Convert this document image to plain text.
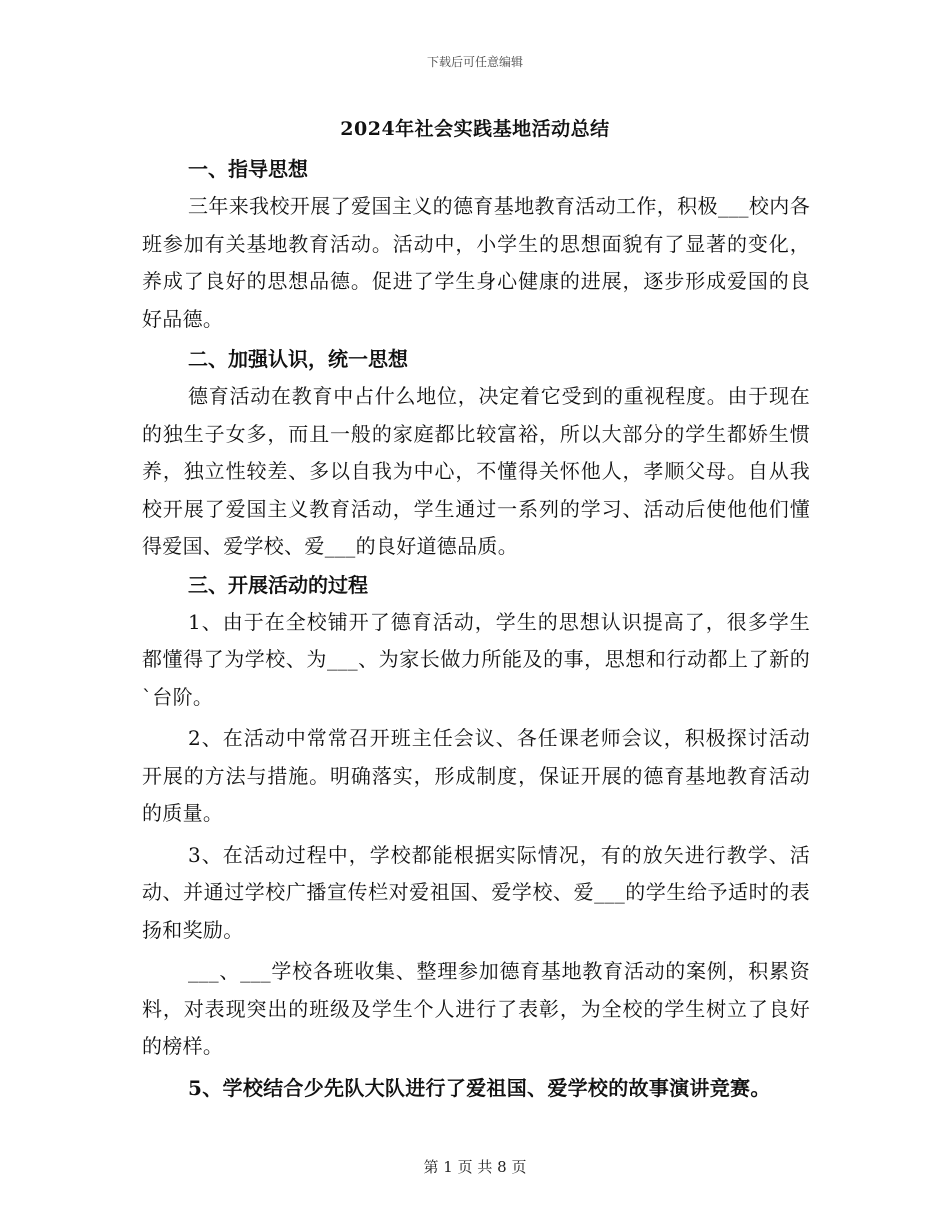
下载后可任意编辑
2024年社会实践基地活动总结

一、指导思想

三年来我校开展了爱国主义的德育基地教育活动工作，积极___校内各班参加有关基地教育活动。活动中，小学生的思想面貌有了显著的变化，养成了良好的思想品德。促进了学生身心健康的进展，逐步形成爱国的良好品德。

二、加强认识，统一思想

德育活动在教育中占什么地位，决定着它受到的重视程度。由于现在的独生子女多，而且一般的家庭都比较富裕，所以大部分的学生都娇生惯养，独立性较差、多以自我为中心，不懂得关怀他人，孝顺父母。自从我校开展了爱国主义教育活动，学生通过一系列的学习、活动后使他他们懂得爱国、爱学校、爱___的良好道德品质。

三、开展活动的过程

1、由于在全校铺开了德育活动，学生的思想认识提高了，很多学生都懂得了为学校、为___、为家长做力所能及的事，思想和行动都上了新的`台阶。

2、在活动中常常召开班主任会议、各任课老师会议，积极探讨活动开展的方法与措施。明确落实，形成制度，保证开展的德育基地教育活动的质量。

3、在活动过程中，学校都能根据实际情况，有的放矢进行教学、活动、并通过学校广播宣传栏对爱祖国、爱学校、爱___的学生给予适时的表扬和奖励。

___、___学校各班收集、整理参加德育基地教育活动的案例，积累资料，对表现突出的班级及学生个人进行了表彰，为全校的学生树立了良好的榜样。

5、学校结合少先队大队进行了爱祖国、爱学校的故事演讲竞赛。

第 1 页 共 8 页
